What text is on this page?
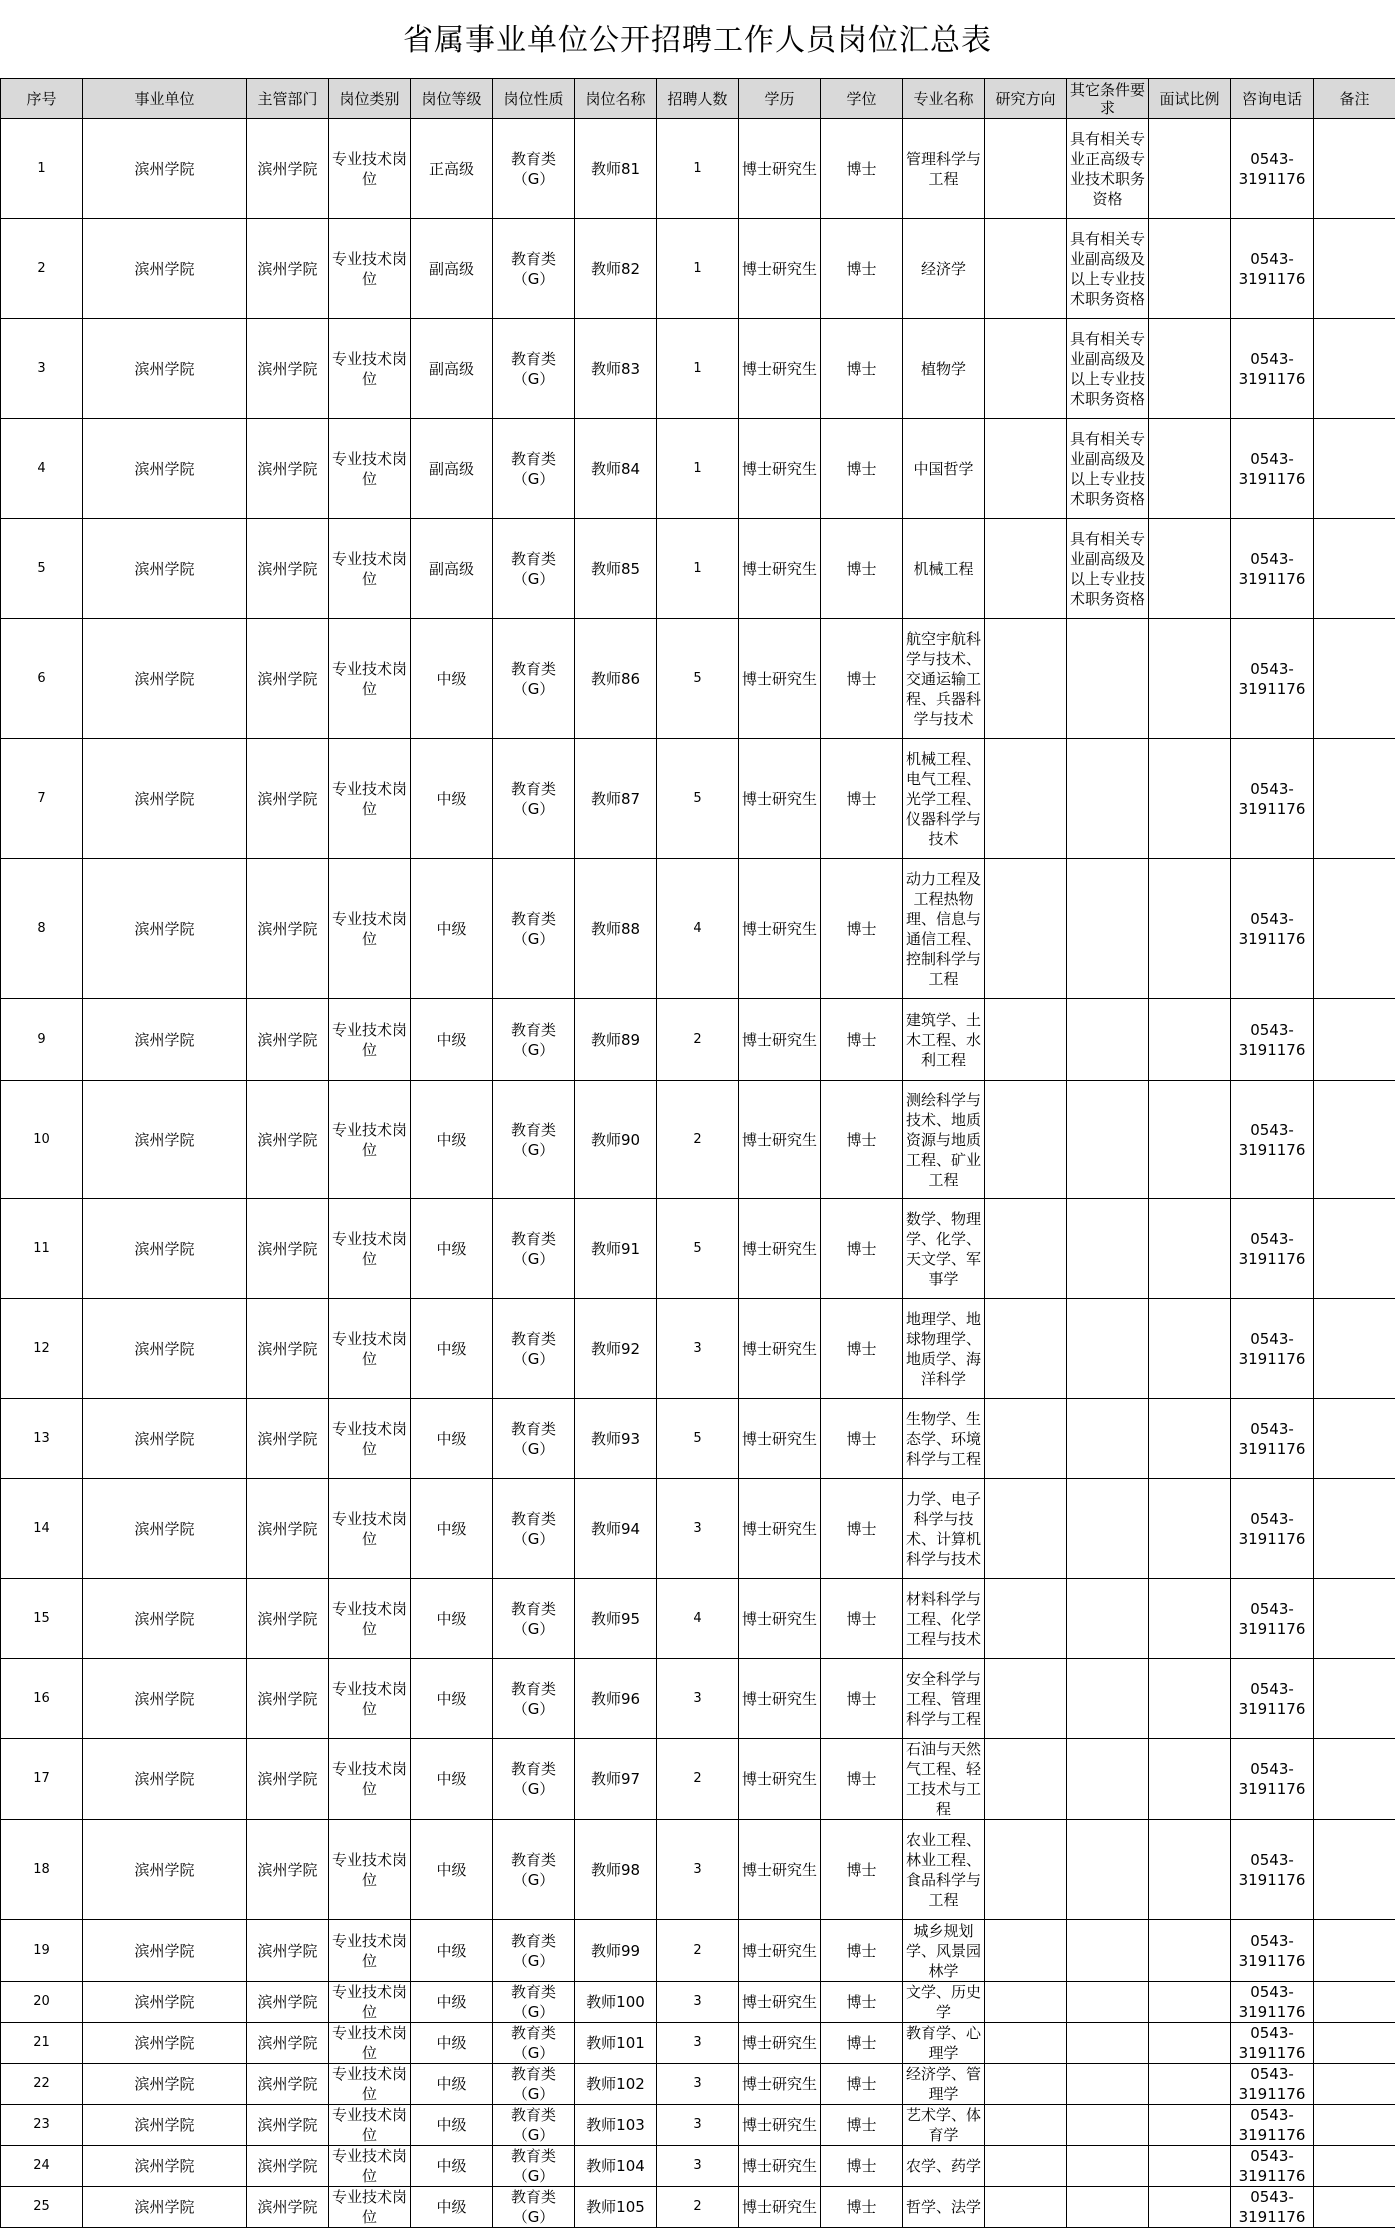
省属事业单位公开招聘工作人员岗位汇总表
序号	事业单位	主管部门	岗位类别	岗位等级	岗位性质	岗位名称	招聘人数	学历	学位	专业名称	研究方向	其它条件要求	面试比例	咨询电话	备注
1	滨州学院	滨州学院	专业技术岗位	正高级	教育类（G）	教师81	1	博士研究生	博士	管理科学与工程		具有相关专业正高级专业技术职务资格		0543-3191176	
2	滨州学院	滨州学院	专业技术岗位	副高级	教育类（G）	教师82	1	博士研究生	博士	经济学		具有相关专业副高级及以上专业技术职务资格		0543-3191176	
3	滨州学院	滨州学院	专业技术岗位	副高级	教育类（G）	教师83	1	博士研究生	博士	植物学		具有相关专业副高级及以上专业技术职务资格		0543-3191176	
4	滨州学院	滨州学院	专业技术岗位	副高级	教育类（G）	教师84	1	博士研究生	博士	中国哲学		具有相关专业副高级及以上专业技术职务资格		0543-3191176	
5	滨州学院	滨州学院	专业技术岗位	副高级	教育类（G）	教师85	1	博士研究生	博士	机械工程		具有相关专业副高级及以上专业技术职务资格		0543-3191176	
6	滨州学院	滨州学院	专业技术岗位	中级	教育类（G）	教师86	5	博士研究生	博士	航空宇航科学与技术、交通运输工程、兵器科学与技术				0543-3191176	
7	滨州学院	滨州学院	专业技术岗位	中级	教育类（G）	教师87	5	博士研究生	博士	机械工程、电气工程、光学工程、仪器科学与技术				0543-3191176	
8	滨州学院	滨州学院	专业技术岗位	中级	教育类（G）	教师88	4	博士研究生	博士	动力工程及工程热物理、信息与通信工程、控制科学与工程				0543-3191176	
9	滨州学院	滨州学院	专业技术岗位	中级	教育类（G）	教师89	2	博士研究生	博士	建筑学、土木工程、水利工程				0543-3191176	
10	滨州学院	滨州学院	专业技术岗位	中级	教育类（G）	教师90	2	博士研究生	博士	测绘科学与技术、地质资源与地质工程、矿业工程				0543-3191176	
11	滨州学院	滨州学院	专业技术岗位	中级	教育类（G）	教师91	5	博士研究生	博士	数学、物理学、化学、天文学、军事学				0543-3191176	
12	滨州学院	滨州学院	专业技术岗位	中级	教育类（G）	教师92	3	博士研究生	博士	地理学、地球物理学、地质学、海洋科学				0543-3191176	
13	滨州学院	滨州学院	专业技术岗位	中级	教育类（G）	教师93	5	博士研究生	博士	生物学、生态学、环境科学与工程				0543-3191176	
14	滨州学院	滨州学院	专业技术岗位	中级	教育类（G）	教师94	3	博士研究生	博士	力学、电子科学与技术、计算机科学与技术				0543-3191176	
15	滨州学院	滨州学院	专业技术岗位	中级	教育类（G）	教师95	4	博士研究生	博士	材料科学与工程、化学工程与技术				0543-3191176	
16	滨州学院	滨州学院	专业技术岗位	中级	教育类（G）	教师96	3	博士研究生	博士	安全科学与工程、管理科学与工程				0543-3191176	
17	滨州学院	滨州学院	专业技术岗位	中级	教育类（G）	教师97	2	博士研究生	博士	石油与天然气工程、轻工技术与工程				0543-3191176	
18	滨州学院	滨州学院	专业技术岗位	中级	教育类（G）	教师98	3	博士研究生	博士	农业工程、林业工程、食品科学与工程				0543-3191176	
19	滨州学院	滨州学院	专业技术岗位	中级	教育类（G）	教师99	2	博士研究生	博士	城乡规划学、风景园林学				0543-3191176	
20	滨州学院	滨州学院	专业技术岗位	中级	教育类（G）	教师100	3	博士研究生	博士	文学、历史学				0543-3191176	
21	滨州学院	滨州学院	专业技术岗位	中级	教育类（G）	教师101	3	博士研究生	博士	教育学、心理学				0543-3191176	
22	滨州学院	滨州学院	专业技术岗位	中级	教育类（G）	教师102	3	博士研究生	博士	经济学、管理学				0543-3191176	
23	滨州学院	滨州学院	专业技术岗位	中级	教育类（G）	教师103	3	博士研究生	博士	艺术学、体育学				0543-3191176	
24	滨州学院	滨州学院	专业技术岗位	中级	教育类（G）	教师104	3	博士研究生	博士	农学、药学				0543-3191176	
25	滨州学院	滨州学院	专业技术岗位	中级	教育类（G）	教师105	2	博士研究生	博士	哲学、法学				0543-3191176	
